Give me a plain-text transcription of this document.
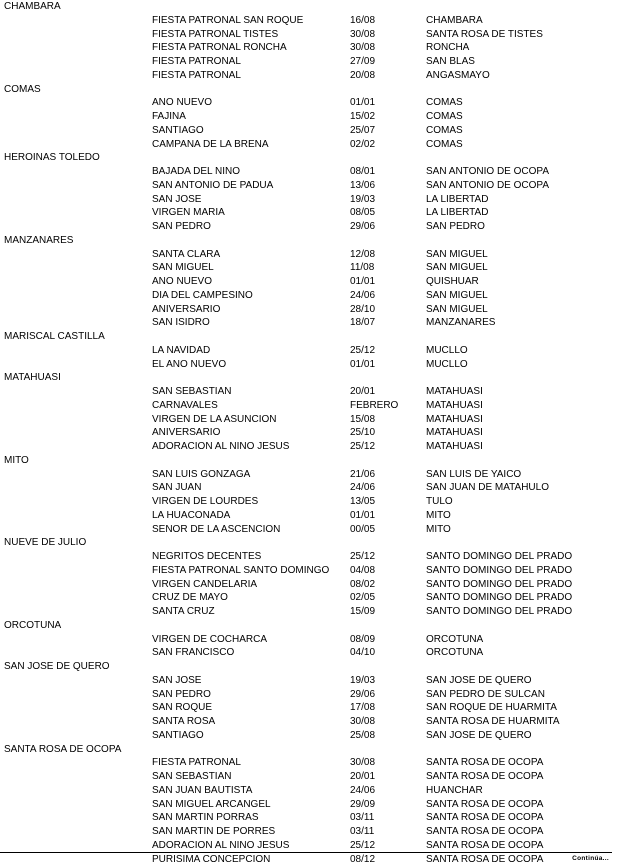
CHAMBARA
FIESTA PATRONAL SAN ROQUE	16/08	CHAMBARA
FIESTA PATRONAL TISTES	30/08	SANTA ROSA DE TISTES
FIESTA PATRONAL RONCHA	30/08	RONCHA
FIESTA PATRONAL	27/09	SAN BLAS
FIESTA PATRONAL	20/08	ANGASMAYO
COMAS
ANO NUEVO	01/01	COMAS
FAJINA	15/02	COMAS
SANTIAGO	25/07	COMAS
CAMPANA DE LA BRENA	02/02	COMAS
HEROINAS TOLEDO
BAJADA DEL NINO	08/01	SAN ANTONIO DE OCOPA
SAN ANTONIO DE PADUA	13/06	SAN ANTONIO DE OCOPA
SAN JOSE	19/03	LA LIBERTAD
VIRGEN MARIA	08/05	LA LIBERTAD
SAN PEDRO	29/06	SAN PEDRO
MANZANARES
SANTA CLARA	12/08	SAN MIGUEL
SAN MIGUEL	11/08	SAN MIGUEL
ANO NUEVO	01/01	QUISHUAR
DIA DEL CAMPESINO	24/06	SAN MIGUEL
ANIVERSARIO	28/10	SAN MIGUEL
SAN ISIDRO	18/07	MANZANARES
MARISCAL CASTILLA
LA NAVIDAD	25/12	MUCLLO
EL ANO NUEVO	01/01	MUCLLO
MATAHUASI
SAN SEBASTIAN	20/01	MATAHUASI
CARNAVALES	FEBRERO	MATAHUASI
VIRGEN DE LA ASUNCION	15/08	MATAHUASI
ANIVERSARIO	25/10	MATAHUASI
ADORACION AL NINO JESUS	25/12	MATAHUASI
MITO
SAN LUIS GONZAGA	21/06	SAN LUIS DE YAICO
SAN JUAN	24/06	SAN JUAN DE MATAHULO
VIRGEN DE LOURDES	13/05	TULO
LA HUACONADA	01/01	MITO
SENOR DE LA ASCENCION	00/05	MITO
NUEVE DE JULIO
NEGRITOS DECENTES	25/12	SANTO DOMINGO DEL PRADO
FIESTA PATRONAL SANTO DOMINGO 04/08	SANTO DOMINGO DEL PRADO
VIRGEN CANDELARIA	08/02	SANTO DOMINGO DEL PRADO
CRUZ DE MAYO	02/05	SANTO DOMINGO DEL PRADO
SANTA CRUZ	15/09	SANTO DOMINGO DEL PRADO
ORCOTUNA
VIRGEN DE COCHARCA	08/09	ORCOTUNA
SAN FRANCISCO	04/10	ORCOTUNA
SAN JOSE DE QUERO
SAN JOSE	19/03	SAN JOSE DE QUERO
SAN PEDRO	29/06	SAN PEDRO DE SULCAN
SAN ROQUE	17/08	SAN ROQUE DE HUARMITA
SANTA ROSA	30/08	SANTA ROSA DE HUARMITA
SANTIAGO	25/08	SAN JOSE DE QUERO
SANTA ROSA DE OCOPA
FIESTA PATRONAL	30/08	SANTA ROSA DE OCOPA
SAN SEBASTIAN	20/01	SANTA ROSA DE OCOPA
SAN JUAN BAUTISTA	24/06	HUANCHAR
SAN MIGUEL ARCANGEL	29/09	SANTA ROSA DE OCOPA
SAN MARTIN PORRAS	03/11	SANTA ROSA DE OCOPA
SAN MARTIN DE PORRES	03/11	SANTA ROSA DE OCOPA
ADORACION AL NINO JESUS	25/12	SANTA ROSA DE OCOPA
PURISIMA CONCEPCION	08/12	SANTA ROSA DE OCOPA	Continúa...
